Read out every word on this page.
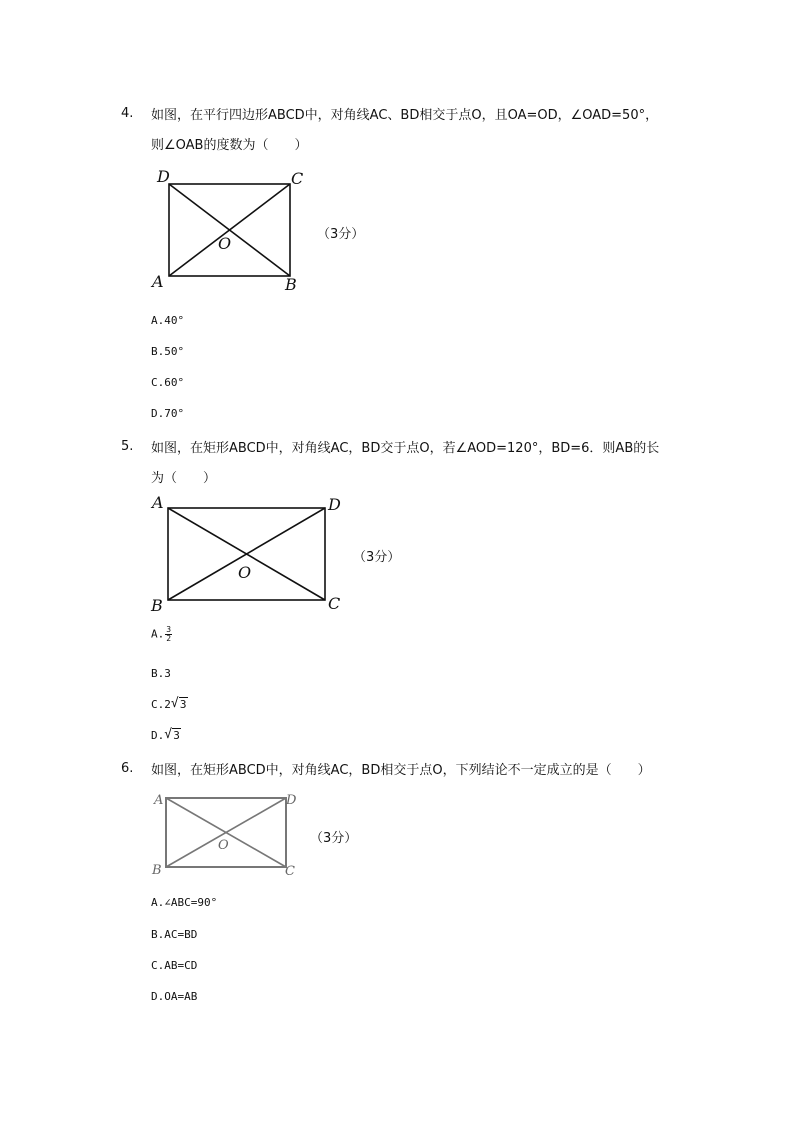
4. 如图，在平行四边形ABCD中，对角线AC、BD相交于点O，且OA=OD，∠OAD=50°，
则∠OAB的度数为（　　）
D	C
A	B
O	（3分）
A.40°
B.50°
C.60°
D.70°
5. 如图，在矩形ABCD中，对角线AC，BD交于点O，若∠AOD=120°，BD=6．则AB的长
为（　　）
A	D
B	C
O
（3分）
A. $\frac{3}{2}$
B.3
C.2 √ 3
D. √ 3
6. 如图，在矩形ABCD中，对角线AC，BD相交于点O，下列结论不一定成立的是（　　）
A	D
B	C
O	（3分）
A.∠ABC=90°
B.AC=BD
C.AB=CD
D.OA=AB
